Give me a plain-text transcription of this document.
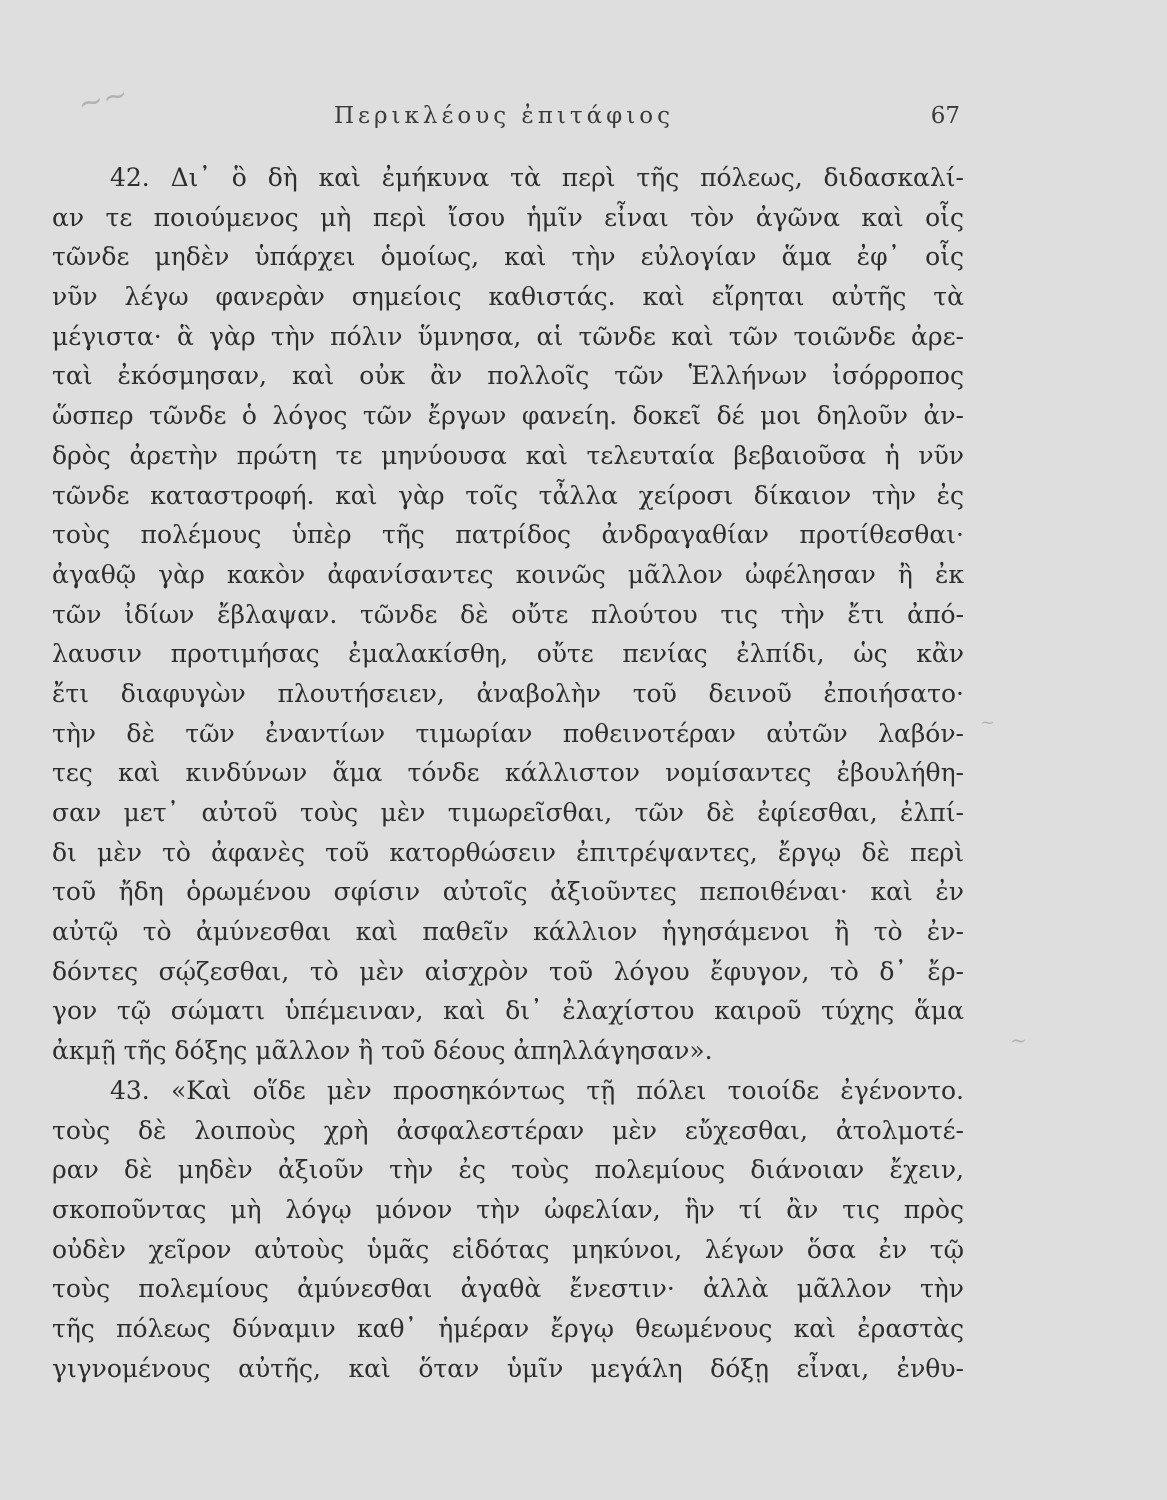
~~
~
~
Περικλέους ἐπιτάφιος	67
42. Δι᾽ ὃ δὴ καὶ ἐμήκυνα τὰ περὶ τῆς πόλεως, διδασκαλί-
αν τε ποιούμενος μὴ περὶ ἴσου ἡμῖν εἶναι τὸν ἀγῶνα καὶ οἷς
τῶνδε μηδὲν ὑπάρχει ὁμοίως, καὶ τὴν εὐλογίαν ἅμα ἐφ᾽ οἷς
νῦν λέγω φανερὰν σημείοις καθιστάς. καὶ εἴρηται αὐτῆς τὰ
μέγιστα· ἃ γὰρ τὴν πόλιν ὕμνησα, αἱ τῶνδε καὶ τῶν τοιῶνδε ἀρε-
ταὶ ἐκόσμησαν, καὶ οὐκ ἂν πολλοῖς τῶν Ἑλλήνων ἰσόρροπος
ὥσπερ τῶνδε ὁ λόγος τῶν ἔργων φανείη. δοκεῖ δέ μοι δηλοῦν ἀν-
δρὸς ἀρετὴν πρώτη τε μηνύουσα καὶ τελευταία βεβαιοῦσα ἡ νῦν
τῶνδε καταστροφή. καὶ γὰρ τοῖς τἆλλα χείροσι δίκαιον τὴν ἐς
τοὺς πολέμους ὑπὲρ τῆς πατρίδος ἀνδραγαθίαν προτίθεσθαι·
ἀγαθῷ γὰρ κακὸν ἀφανίσαντες κοινῶς μᾶλλον ὠφέλησαν ἢ ἐκ
τῶν ἰδίων ἔβλαψαν. τῶνδε δὲ οὔτε πλούτου τις τὴν ἔτι ἀπό-
λαυσιν προτιμήσας ἐμαλακίσθη, οὔτε πενίας ἐλπίδι, ὡς κἂν
ἔτι διαφυγὼν πλουτήσειεν, ἀναβολὴν τοῦ δεινοῦ ἐποιήσατο·
τὴν δὲ τῶν ἐναντίων τιμωρίαν ποθεινοτέραν αὐτῶν λαβόν-
τες καὶ κινδύνων ἅμα τόνδε κάλλιστον νομίσαντες ἐβουλήθη-
σαν μετ᾽ αὐτοῦ τοὺς μὲν τιμωρεῖσθαι, τῶν δὲ ἐφίεσθαι, ἐλπί-
δι μὲν τὸ ἀφανὲς τοῦ κατορθώσειν ἐπιτρέψαντες, ἔργῳ δὲ περὶ
τοῦ ἤδη ὁρωμένου σφίσιν αὐτοῖς ἀξιοῦντες πεποιθέναι· καὶ ἐν
αὐτῷ τὸ ἀμύνεσθαι καὶ παθεῖν κάλλιον ἡγησάμενοι ἢ τὸ ἐν-
δόντες σῴζεσθαι, τὸ μὲν αἰσχρὸν τοῦ λόγου ἔφυγον, τὸ δ᾽ ἔρ-
γον τῷ σώματι ὑπέμειναν, καὶ δι᾽ ἐλαχίστου καιροῦ τύχης ἅμα
ἀκμῇ τῆς δόξης μᾶλλον ἢ τοῦ δέους ἀπηλλάγησαν».
43. «Καὶ οἵδε μὲν προσηκόντως τῇ πόλει τοιοίδε ἐγένοντο.
τοὺς δὲ λοιποὺς χρὴ ἀσφαλεστέραν μὲν εὔχεσθαι, ἀτολμοτέ-
ραν δὲ μηδὲν ἀξιοῦν τὴν ἐς τοὺς πολεμίους διάνοιαν ἔχειν,
σκοποῦντας μὴ λόγῳ μόνον τὴν ὠφελίαν, ἣν τί ἂν τις πρὸς
οὐδὲν χεῖρον αὐτοὺς ὑμᾶς εἰδότας μηκύνοι, λέγων ὅσα ἐν τῷ
τοὺς πολεμίους ἀμύνεσθαι ἀγαθὰ ἔνεστιν· ἀλλὰ μᾶλλον τὴν
τῆς πόλεως δύναμιν καθ᾽ ἡμέραν ἔργῳ θεωμένους καὶ ἐραστὰς
γιγνομένους αὐτῆς, καὶ ὅταν ὑμῖν μεγάλη δόξῃ εἶναι, ἐνθυ-
